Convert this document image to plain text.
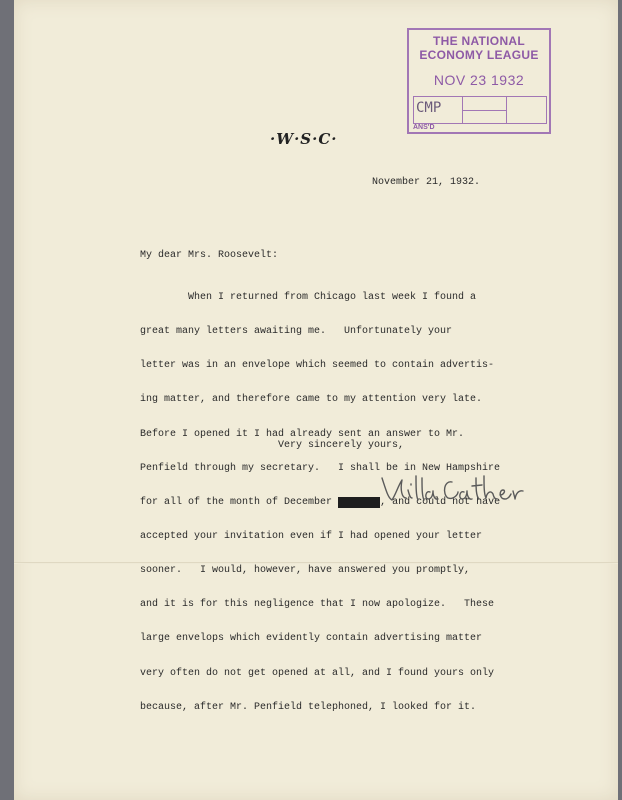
THE NATIONAL
ECONOMY LEAGUE
NOV 23 1932
CMP
ANS'D
·W·S·C·
November 21, 1932.
My dear Mrs. Roosevelt:

When I returned from Chicago last week I found a

great many letters awaiting me.   Unfortunately your

letter was in an envelope which seemed to contain advertis-

ing matter, and therefore came to my attention very late.

Before I opened it I had already sent an answer to Mr.

Penfield through my secretary.   I shall be in New Hampshire

for all of the month of December	, and could not have

accepted your invitation even if I had opened your letter

sooner.   I would, however, have answered you promptly,

and it is for this negligence that I now apologize.   These

large envelops which evidently contain advertising matter

very often do not get opened at all, and I found yours only

because, after Mr. Penfield telephoned, I looked for it.

Very sincerely yours,
